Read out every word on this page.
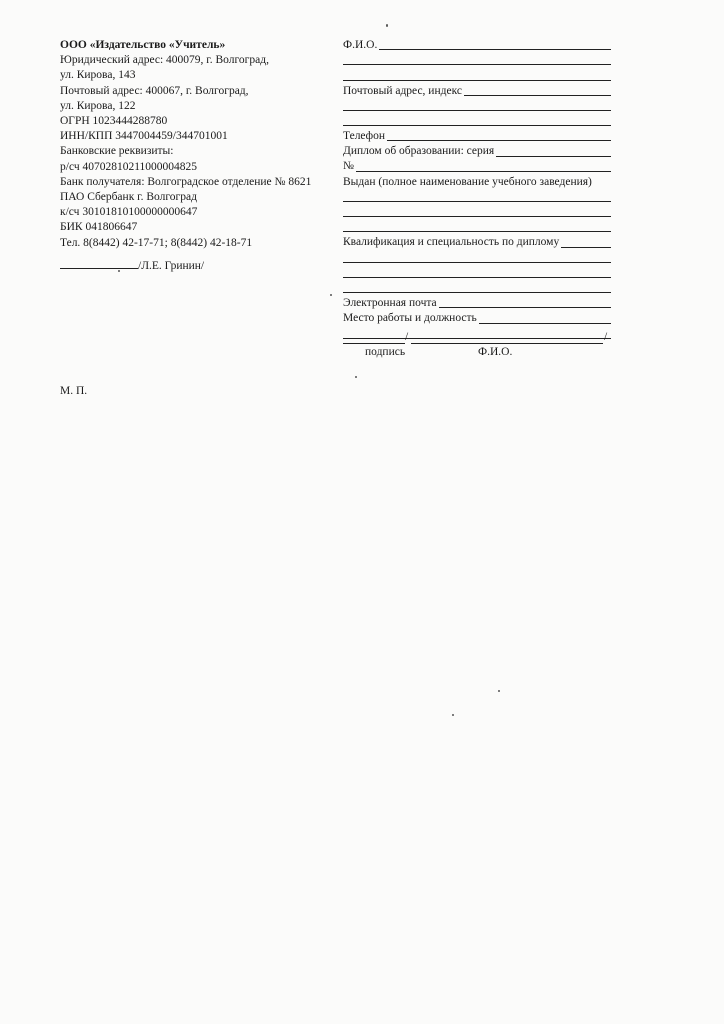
ООО «Издательство «Учитель»
Юридический адрес: 400079, г. Волгоград,
ул. Кирова, 143
Почтовый адрес: 400067, г. Волгоград,
ул. Кирова, 122
ОГРН 1023444288780
ИНН/КПП 3447004459/344701001
Банковские реквизиты:
р/сч 40702810211000004825
Банк получателя: Волгоградское отделение № 8621
ПАО Сбербанк г. Волгоград
к/сч 30101810100000000647
БИК 041806647
Тел. 8(8442) 42-17-71; 8(8442) 42-18-71
/Л.Е. Гринин/
М. П.
Ф.И.О.
Почтовый адрес, индекс
Телефон
Диплом об образовании: серия
№
Выдан (полное наименование учебного заведения)
Квалификация и специальность по диплому
Электронная почта
Место работы и должность
/	/
подпись	Ф.И.О.
